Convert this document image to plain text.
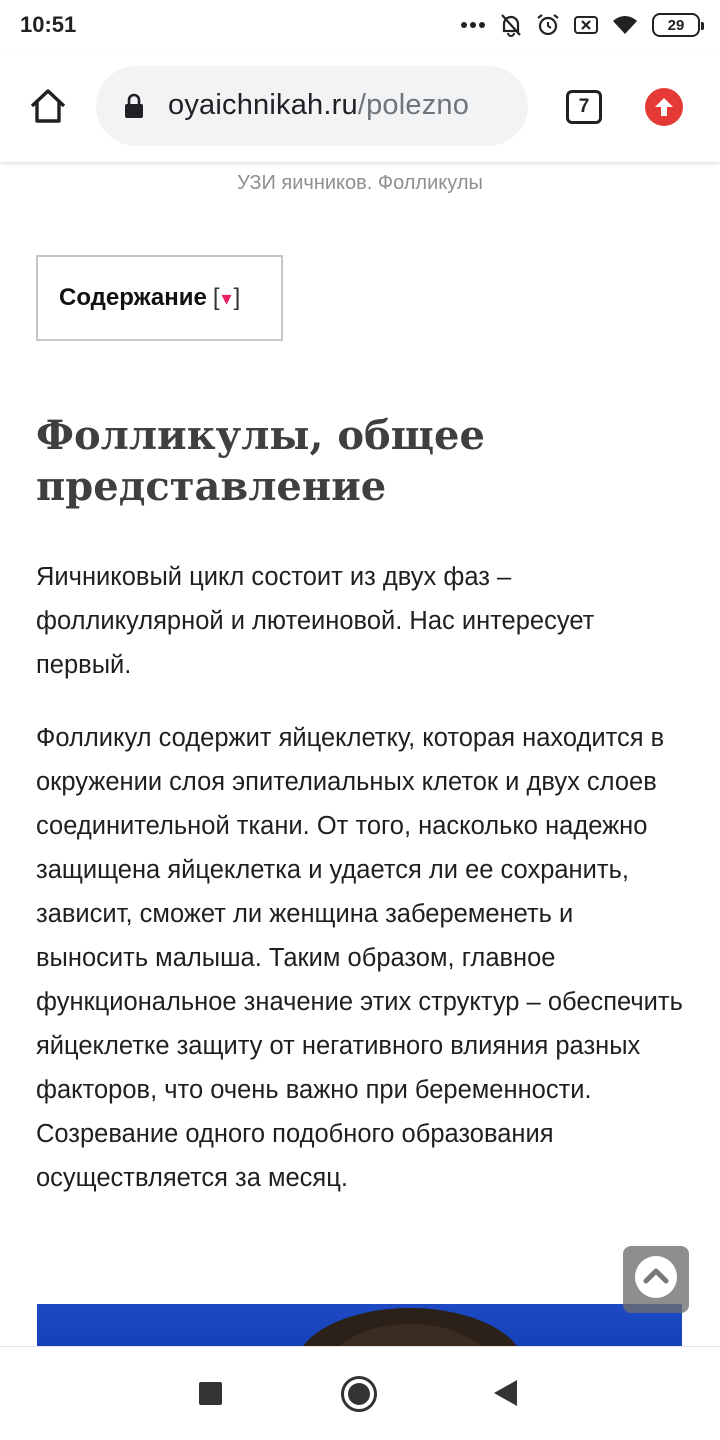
10:51	29
oyaichnikah.ru/polezno	7
УЗИ яичников. Фолликулы
Содержание [ ▾ ]
Фолликулы, общее представление

Яичниковый цикл состоит из двух фаз – фолликулярной и лютеиновой. Нас интересует первый.

Фолликул содержит яйцеклетку, которая находится в окружении слоя эпителиальных клеток и двух слоев соединительной ткани. От того, насколько надежно защищена яйцеклетка и удается ли ее сохранить, зависит, сможет ли женщина забеременеть и выносить малыша. Таким образом, главное функциональное значение этих структур – обеспечить яйцеклетке защиту от негативного влияния разных факторов, что очень важно при беременности. Созревание одного подобного образования осуществляется за месяц.
